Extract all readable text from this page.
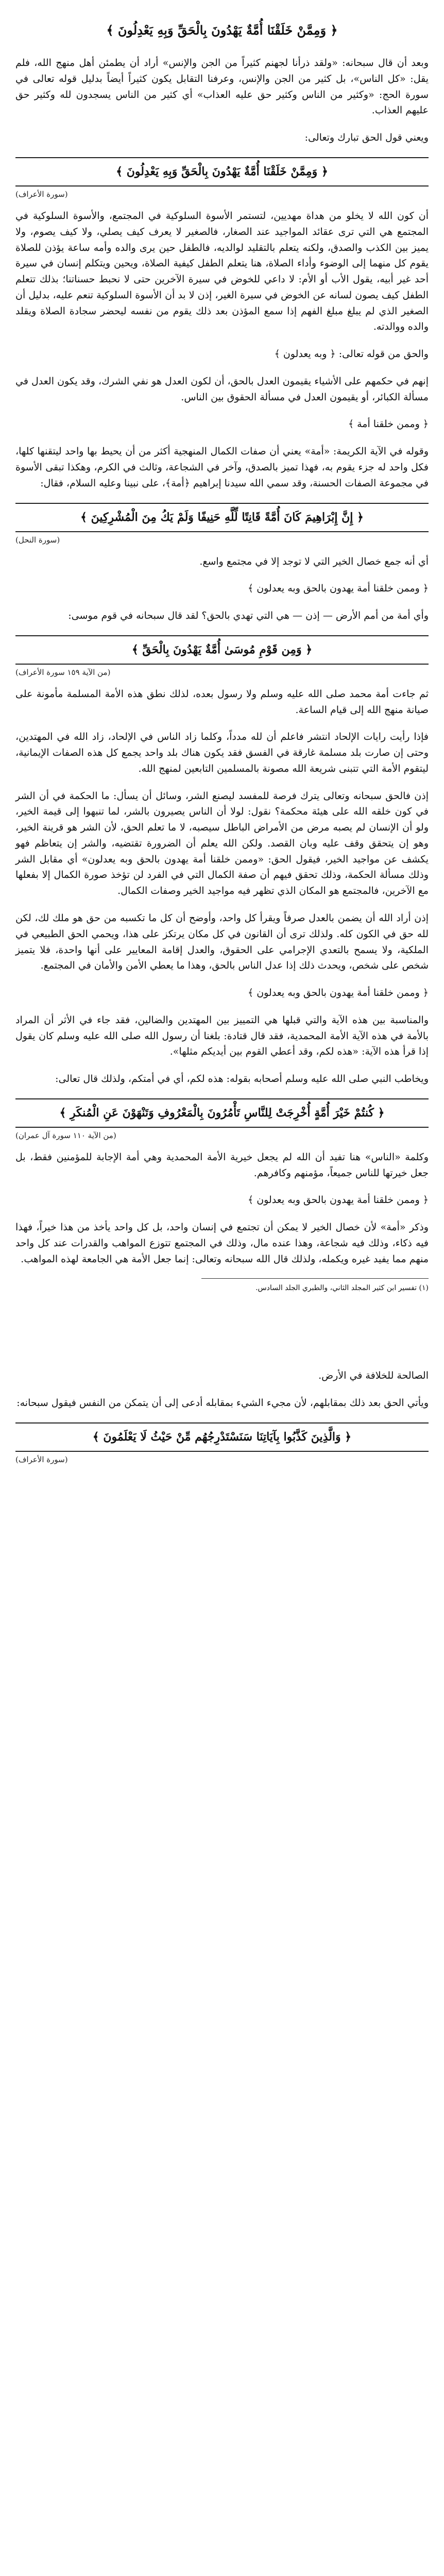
﴿ وَمِمَّنْ خَلَقْنَا أُمَّةٌ يَهْدُونَ بِالْحَقِّ وَبِهِ يَعْدِلُونَ ﴾

وبعد أن قال سبحانه: «ولقد ذرأنا لجهنم كثيراً من الجن والإنس» أراد أن يطمئن أهل منهج الله، فلم يقل: «كل الناس»، بل كثير من الجن والإنس، وعرفنا التقابل يكون كثيراً أيضاً بدليل قوله تعالى في سورة الحج: «وكثير من الناس وكثير حق عليه العذاب» أي كثير من الناس يسجدون لله وكثير حق عليهم العذاب.

ويعني قول الحق تبارك وتعالى:

﴿ وَمِمَّنْ خَلَقْنَا أُمَّةٌ يَهْدُونَ بِالْحَقِّ وَبِهِ يَعْدِلُونَ ﴾
(سورة الأعراف)

أن كون الله لا يخلو من هداة مهديين، لتستمر الأسوة السلوكية في المجتمع، والأسوة السلوكية في المجتمع هي التي ترى عقائد المواجيد عند الصغار، فالصغير لا يعرف كيف يصلي، ولا كيف يصوم، ولا يميز بين الكذب والصدق، ولكنه يتعلم بالتقليد لوالديه، فالطفل حين يرى والده وأمه ساعة يؤذن للصلاة يقوم كل منهما إلى الوضوء وأداء الصلاة، هنا يتعلم الطفل كيفية الصلاة، ويحين ويتكلم إنسان في سيرة أحد غير أبيه، يقول الأب أو الأم: لا داعي للخوض في سيرة الآخرين حتى لا نحبط حسناتنا؛ بذلك تتعلم الطفل كيف يصون لسانه عن الخوض في سيرة الغير، إذن لا بد أن الأسوة السلوكية تنعم عليه، بدليل أن الصغير الذي لم يبلغ مبلغ الفهم إذا سمع المؤذن بعد ذلك يقوم من نفسه ليحضر سجادة الصلاة ويقلد والده ووالدته.

والحق من قوله تعالى: ﴿ وبه يعدلون ﴾

إنهم في حكمهم على الأشياء يقيمون العدل بالحق، أن لكون العدل هو نفي الشرك، وقد يكون العدل في مسألة الكبائر، أو يقيمون العدل في مسألة الحقوق بين الناس.

﴿ وممن خلقنا أمة ﴾

وقوله في الآية الكريمة: «أمة» يعني أن صفات الكمال المنهجية أكثر من أن يحيط بها واحد ليتقنها كلها، فكل واحد له جزء يقوم به، فهذا تميز بالصدق، وآخر في الشجاعة، وثالث في الكرم، وهكذا تبقى الأسوة في مجموعة الصفات الحسنة، وقد سمي الله سيدنا إبراهيم ﴿أمة﴾، على نبينا وعليه السلام، فقال:

﴿ إِنَّ إِبْرَاهِيمَ كَانَ أُمَّةً قَانِتًا لِّلَّهِ حَنِيفًا وَلَمْ يَكُ مِنَ الْمُشْرِكِينَ ﴾
(سورة النحل)

أي أنه جمع خصال الخير التي لا توجد إلا في مجتمع واسع.

﴿ وممن خلقنا أمة يهدون بالحق وبه يعدلون ﴾

وأي أمة من أمم الأرض — إذن — هي التي تهدي بالحق؟ لقد قال سبحانه في قوم موسى:

﴿ وَمِن قَوْمِ مُوسَىٰ أُمَّةٌ يَهْدُونَ بِالْحَقِّ ﴾
(من الآية ١٥٩ سورة الأعراف)

ثم جاءت أمة محمد صلى الله عليه وسلم ولا رسول بعده، لذلك نطق هذه الأمة المسلمة مأمونة على صيانة منهج الله إلى قيام الساعة.

فإذا رأيت رايات الإلحاد انتشر فاعلم أن لله مدداً، وكلما زاد الناس في الإلحاد، زاد الله في المهتدين، وحتى إن صارت بلد مسلمة غارقة في الفسق فقد يكون هناك بلد واحد يجمع كل هذه الصفات الإيمانية، ليتقوم الأمة التي تتبنى شريعة الله مصونة بالمسلمين التابعين لمنهج الله.

إذن فالحق سبحانه وتعالى يترك فرصة للمفسد ليصنع الشر، وسائل أن يسأل: ما الحكمة في أن الشر في كون خلقه الله على هيئة محكمة؟ نقول: لولا أن الناس يصيرون بالشر، لما تنبهوا إلى قيمة الخير، ولو أن الإنسان لم يصبه مرض من الأمراض الباطل سيصبه، لا ما تعلم الحق، لأن الشر هو قرينة الخير، وهو إن يتحقق وقف عليه وبان القصد. ولكن الله يعلم أن الضرورة تقتضيه، والشر إن يتعاظم فهو يكشف عن مواجيد الخير، فيقول الحق: «وممن خلقنا أمة يهدون بالحق وبه يعدلون» أي مقابل الشر وذلك مسألة الحكمة، وذلك تحقق فيهم أن صفة الكمال التي في الفرد لن تؤخذ صورة الكمال إلا بفعلها مع الآخرين، فالمجتمع هو المكان الذي تظهر فيه مواجيد الخير وصفات الكمال.

إذن أراد الله أن يضمن بالعدل صرفاً ويقرأ كل واحد، وأوضح أن كل ما تكسبه من حق هو ملك لك، لكن لله حق في الكون كله. ولذلك ترى أن القانون في كل مكان يرتكز على هذا، ويحمي الحق الطبيعي في الملكية، ولا يسمح بالتعدي الإجرامي على الحقوق، والعدل إقامة المعايير على أنها واحدة، فلا يتميز شخص على شخص، ويحدث ذلك إذا عدل الناس بالحق، وهذا ما يعطي الأمن والأمان في المجتمع.

﴿ وممن خلقنا أمة يهدون بالحق وبه يعدلون ﴾

والمناسبة بين هذه الآية والتي قبلها هي التمييز بين المهتدين والضالين، فقد جاء في الأثر أن المراد بالأمة في هذه الآية الأمة المحمدية، فقد قال قتادة: بلغنا أن رسول الله صلى الله عليه وسلم كان يقول إذا قرأ هذه الآية: «هذه لكم، وقد أعطي القوم بين أيديكم مثلها».

ويخاطب النبي صلى الله عليه وسلم أصحابه بقوله: هذه لكم، أي في أمتكم، ولذلك قال تعالى:

﴿ كُنتُمْ خَيْرَ أُمَّةٍ أُخْرِجَتْ لِلنَّاسِ تَأْمُرُونَ بِالْمَعْرُوفِ وَتَنْهَوْنَ عَنِ الْمُنكَرِ ﴾
(من الآية ١١٠ سورة آل عمران)

وكلمة «الناس» هنا تفيد أن الله لم يجعل خيرية الأمة المحمدية وهي أمة الإجابة للمؤمنين فقط، بل جعل خيرتها للناس جميعاً، مؤمنهم وكافرهم.

﴿ وممن خلقنا أمة يهدون بالحق وبه يعدلون ﴾

وذكر «أمة» لأن خصال الخير لا يمكن أن تجتمع في إنسان واحد، بل كل واحد يأخذ من هذا خيراً، فهذا فيه ذكاء، وذلك فيه شجاعة، وهذا عنده مال، وذلك في المجتمع تتوزع المواهب والقدرات عند كل واحد منهم مما يفيد غيره ويكمله، ولذلك قال الله سبحانه وتعالى: إنما جعل الأمة هي الجامعة لهذه المواهب.

(١) تفسير ابن كثير المجلد الثاني، والطبري الجلد السادس.

الصالحة للخلافة في الأرض.

ويأتي الحق بعد ذلك بمقابلهم، لأن مجيء الشيء بمقابله أدعى إلى أن يتمكن من النفس فيقول سبحانه:

﴿ وَالَّذِينَ كَذَّبُوا بِآيَاتِنَا سَنَسْتَدْرِجُهُم مِّنْ حَيْثُ لَا يَعْلَمُونَ ﴾
(سورة الأعراف)
